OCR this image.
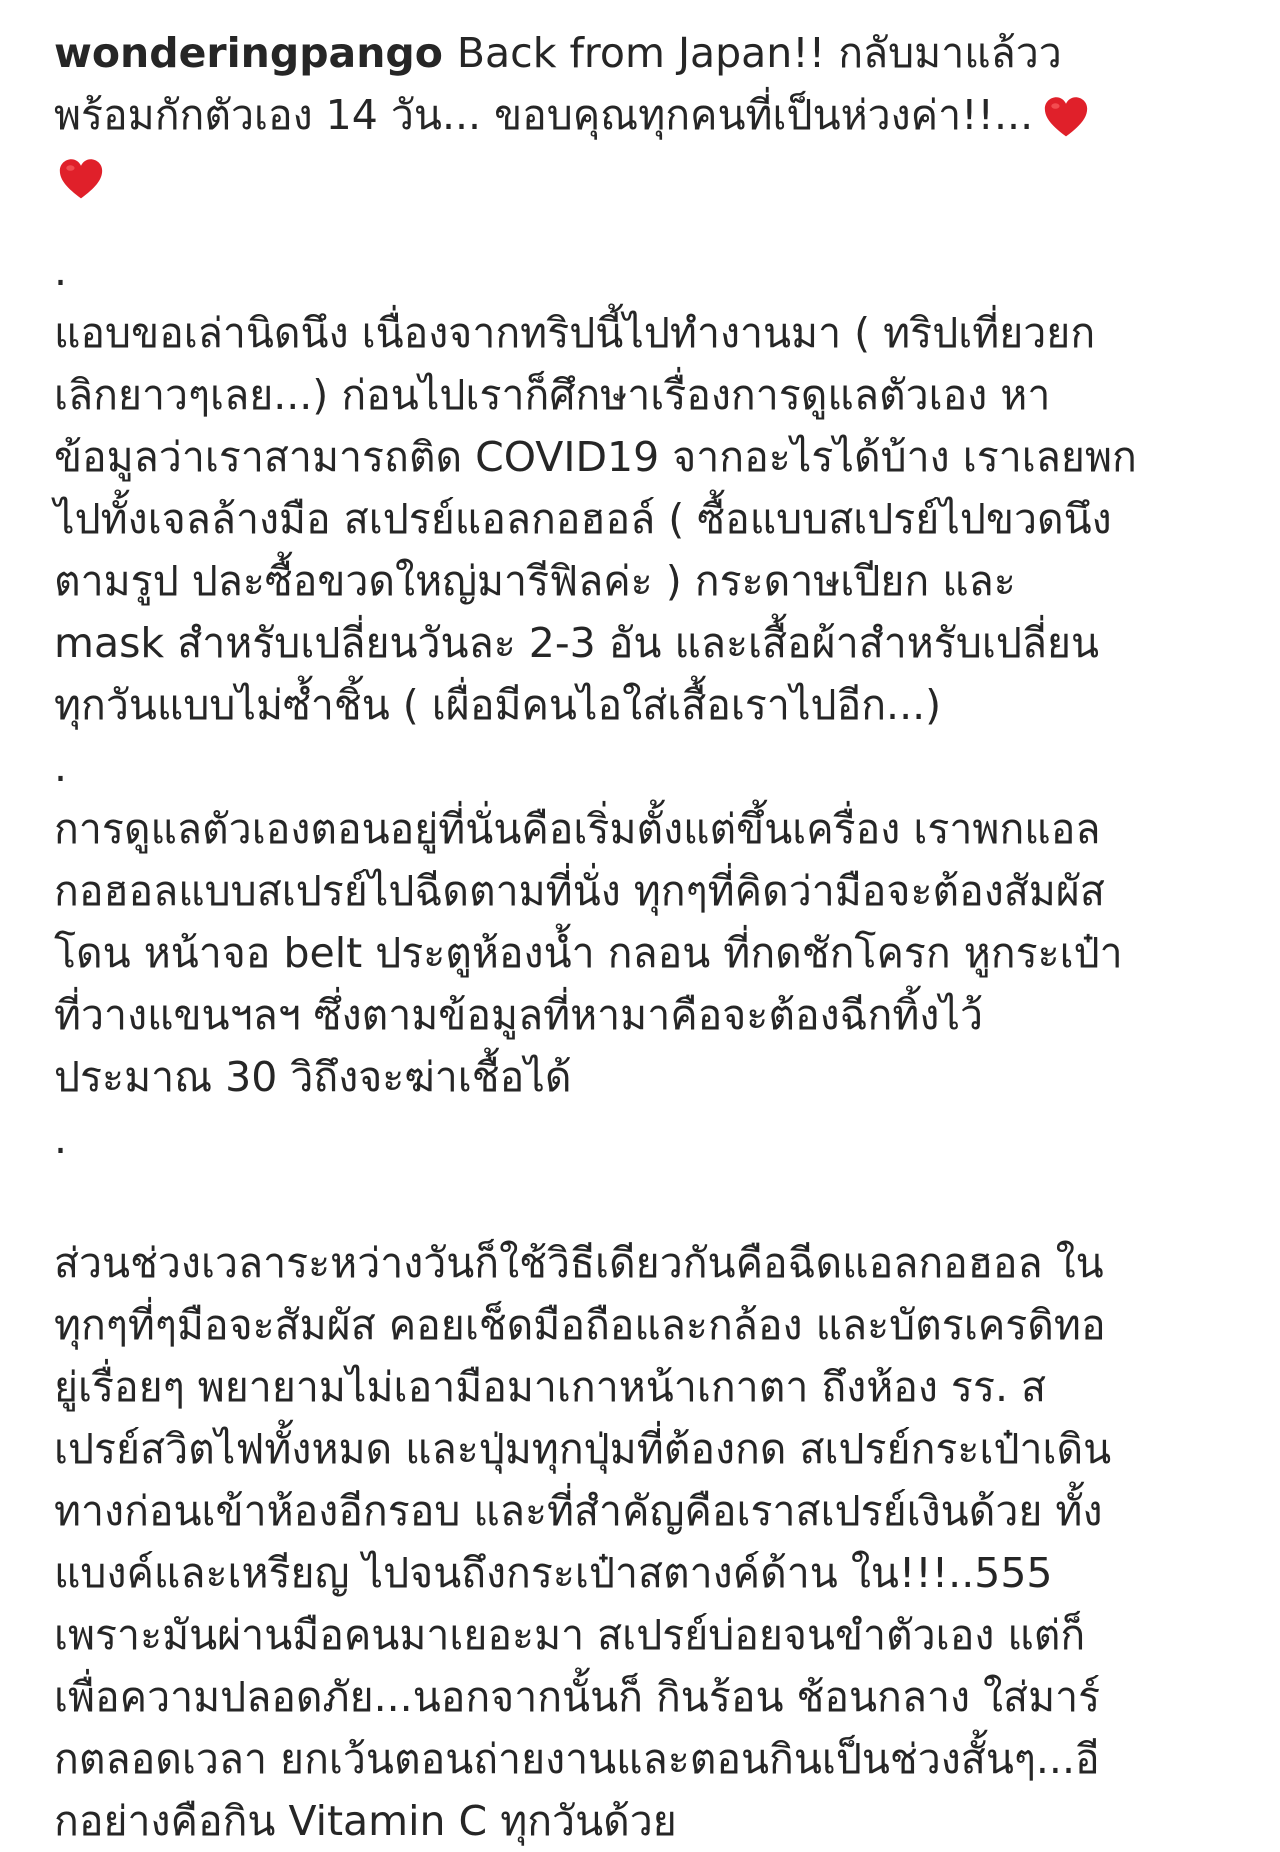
wonderingpango Back from Japan!! กลับมาแล้วว
พร้อมกักตัวเอง 14 วัน... ขอบคุณทุกคนที่เป็นห่วงค่า!!...
.
แอบขอเล่านิดนึง เนื่องจากทริปนี้ไปทำงานมา ( ทริปเที่ยวยก
เลิกยาวๆเลย...) ก่อนไปเราก็ศึกษาเรื่องการดูแลตัวเอง หา
ข้อมูลว่าเราสามารถติด COVID19 จากอะไรได้บ้าง เราเลยพก
ไปทั้งเจลล้างมือ สเปรย์แอลกอฮอล์ ( ซื้อแบบสเปรย์ไปขวดนึง
ตามรูป ปละซื้อขวดใหญ่มารีฟิลค่ะ ) กระดาษเปียก และ
mask สำหรับเปลี่ยนวันละ 2-3 อัน และเสื้อผ้าสำหรับเปลี่ยน
ทุกวันแบบไม่ซ้ำชิ้น ( เผื่อมีคนไอใส่เสื้อเราไปอีก...)
.
การดูแลตัวเองตอนอยู่ที่นั่นคือเริ่มตั้งแต่ขึ้นเครื่อง เราพกแอล
กอฮอลแบบสเปรย์ไปฉีดตามที่นั่ง ทุกๆที่คิดว่ามือจะต้องสัมผัส
โดน หน้าจอ belt ประตูห้องน้ำ กลอน ที่กดชักโครก หูกระเป๋า
ที่วางแขนฯลฯ ซึ่งตามข้อมูลที่หามาคือจะต้องฉีกทิ้งไว้
ประมาณ 30 วิถึงจะฆ่าเชื้อได้
.
ส่วนช่วงเวลาระหว่างวันก็ใช้วิธีเดียวกันคือฉีดแอลกอฮอล ใน
ทุกๆที่ๆมือจะสัมผัส คอยเช็ดมือถือและกล้อง และบัตรเครดิทอ
ยู่เรื่อยๆ พยายามไม่เอามือมาเกาหน้าเกาตา ถึงห้อง รร. ส
เปรย์สวิตไฟทั้งหมด และปุ่มทุกปุ่มที่ต้องกด สเปรย์กระเป๋าเดิน
ทางก่อนเข้าห้องอีกรอบ และที่สำคัญคือเราสเปรย์เงินด้วย ทั้ง
แบงค์และเหรียญ ไปจนถึงกระเป๋าสตางค์ด้าน ใน!!!..555
เพราะมันผ่านมือคนมาเยอะมา สเปรย์บ่อยจนขำตัวเอง แต่ก็
เพื่อความปลอดภัย...นอกจากนั้นก็ กินร้อน ช้อนกลาง ใส่มาร์
กตลอดเวลา ยกเว้นตอนถ่ายงานและตอนกินเป็นช่วงสั้นๆ...อี
กอย่างคือกิน Vitamin C ทุกวันด้วย
